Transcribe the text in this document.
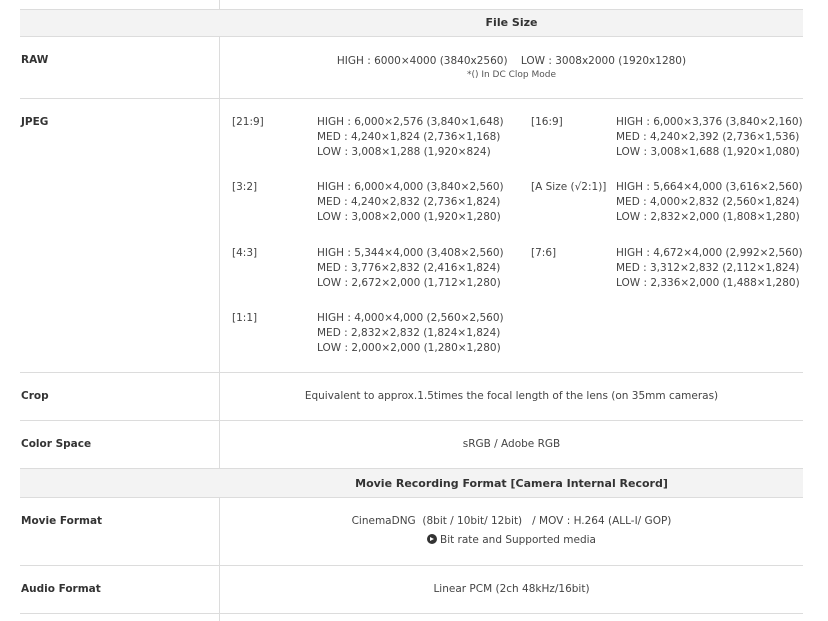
File Size
RAW	HIGH : 6000×4000 (3840x2560)    LOW : 3008x2000 (1920x1280)
*() In DC Clop Mode
JPEG	[21:9]	HIGH : 6,000×2,576 (3,840×1,648)
MED : 4,240×1,824 (2,736×1,168)
LOW : 3,008×1,288 (1,920×824)
[16:9]	HIGH : 6,000×3,376 (3,840×2,160)
MED : 4,240×2,392 (2,736×1,536)
LOW : 3,008×1,688 (1,920×1,080)
[3:2]	HIGH : 6,000×4,000 (3,840×2,560)
MED : 4,240×2,832 (2,736×1,824)
LOW : 3,008×2,000 (1,920×1,280)
[A Size (√2:1)] HIGH : 5,664×4,000 (3,616×2,560)
MED : 4,000×2,832 (2,560×1,824)
LOW : 2,832×2,000 (1,808×1,280)
[4:3]	HIGH : 5,344×4,000 (3,408×2,560)
MED : 3,776×2,832 (2,416×1,824)
LOW : 2,672×2,000 (1,712×1,280)
[7:6]	HIGH : 4,672×4,000 (2,992×2,560)
MED : 3,312×2,832 (2,112×1,824)
LOW : 2,336×2,000 (1,488×1,280)
[1:1]	HIGH : 4,000×4,000 (2,560×2,560)
MED : 2,832×2,832 (1,824×1,824)
LOW : 2,000×2,000 (1,280×1,280)
Crop	Equivalent to approx.1.5times the focal length of the lens (on 35mm cameras)
Color Space	sRGB / Adobe RGB
Movie Recording Format [Camera Internal Record]
Movie Format	CinemaDNG  (8bit / 10bit/ 12bit)   / MOV : H.264 (ALL-I/ GOP)
Bit rate and Supported media
Audio Format	Linear PCM (2ch 48kHz/16bit)
